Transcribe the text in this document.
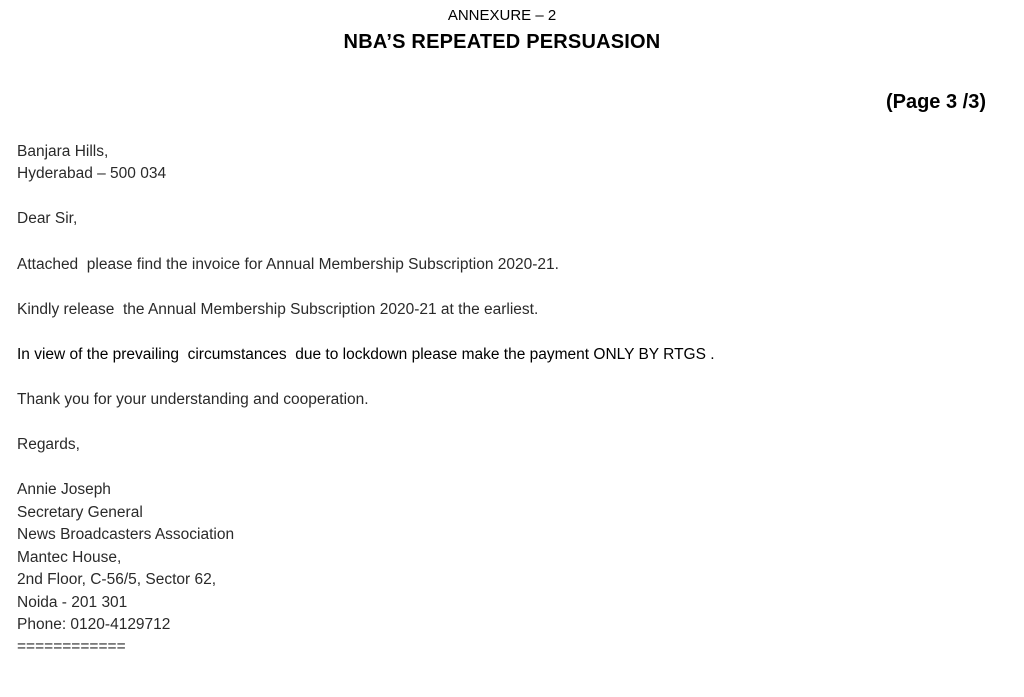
ANNEXURE – 2
NBA’S REPEATED PERSUASION
(Page 3 /3)
Banjara Hills,
Hyderabad – 500 034
Dear Sir,
Attached  please find the invoice for Annual Membership Subscription 2020-21.
Kindly release  the Annual Membership Subscription 2020-21 at the earliest.
In view of the prevailing  circumstances  due to lockdown please make the payment ONLY BY RTGS .
Thank you for your understanding and cooperation.
Regards,
Annie Joseph
Secretary General
News Broadcasters Association
Mantec House,
2nd Floor, C-56/5, Sector 62,
Noida - 201 301
Phone: 0120-4129712
============
